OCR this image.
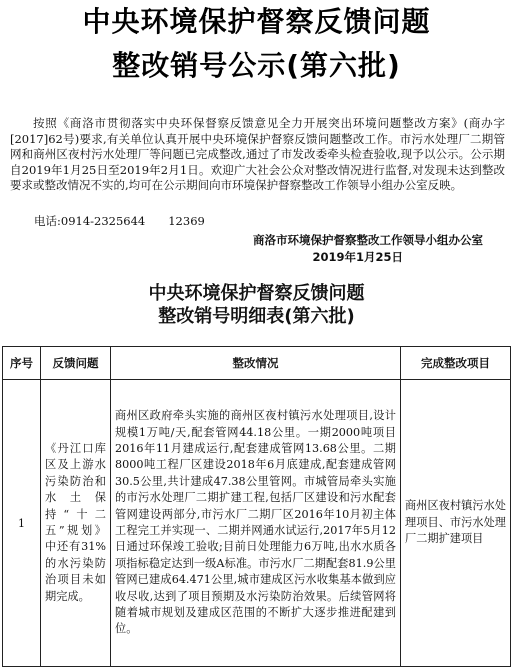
中央环境保护督察反馈问题
整改销号公示(第六批)

按照《商洛市贯彻落实中央环保督察反馈意见全力开展突出环境问题整改方案》(商办字[2017]62号)要求,有关单位认真开展中央环境保护督察反馈问题整改工作。市污水处理厂二期管网和商州区夜村污水处理厂等问题已完成整改,通过了市发改委牵头检查验收,现予以公示。公示期自2019年1月25日至2019年2月1日。欢迎广大社会公众对整改情况进行监督,对发现未达到整改要求或整改情况不实的,均可在公示期间向市环境保护督察整改工作领导小组办公室反映。

电话:0914-2325644　　12369
商洛市环境保护督察整改工作领导小组办公室
2019年1月25日
中央环境保护督察反馈问题
整改销号明细表(第六批)
序号	反馈问题	整改情况	完成整改项目
1	《丹江口库区及上游水污染防治和水土保持“十二五”规划》中还有31%的水污染防治项目未如期完成。	商州区政府牵头实施的商州区夜村镇污水处理项目,设计规模1万吨/天,配套管网44.18公里。一期2000吨项目2016年11月建成运行,配套建成管网13.68公里。二期8000吨工程厂区建设2018年6月底建成,配套建成管网30.5公里,共计建成47.38公里管网。市城管局牵头实施的市污水处理厂二期扩建工程,包括厂区建设和污水配套管网建设两部分,市污水厂二期厂区2016年10月初主体工程完工并实现一、二期并网通水试运行,2017年5月12日通过环保竣工验收;目前日处理能力6万吨,出水水质各项指标稳定达到一级A标准。市污水厂二期配套81.9公里管网已建成64.471公里,城市建成区污水收集基本做到应收尽收,达到了项目预期及水污染防治效果。后续管网将随着城市规划及建成区范围的不断扩大逐步推进配建到位。	商州区夜村镇污水处理项目、市污水处理厂二期扩建项目
